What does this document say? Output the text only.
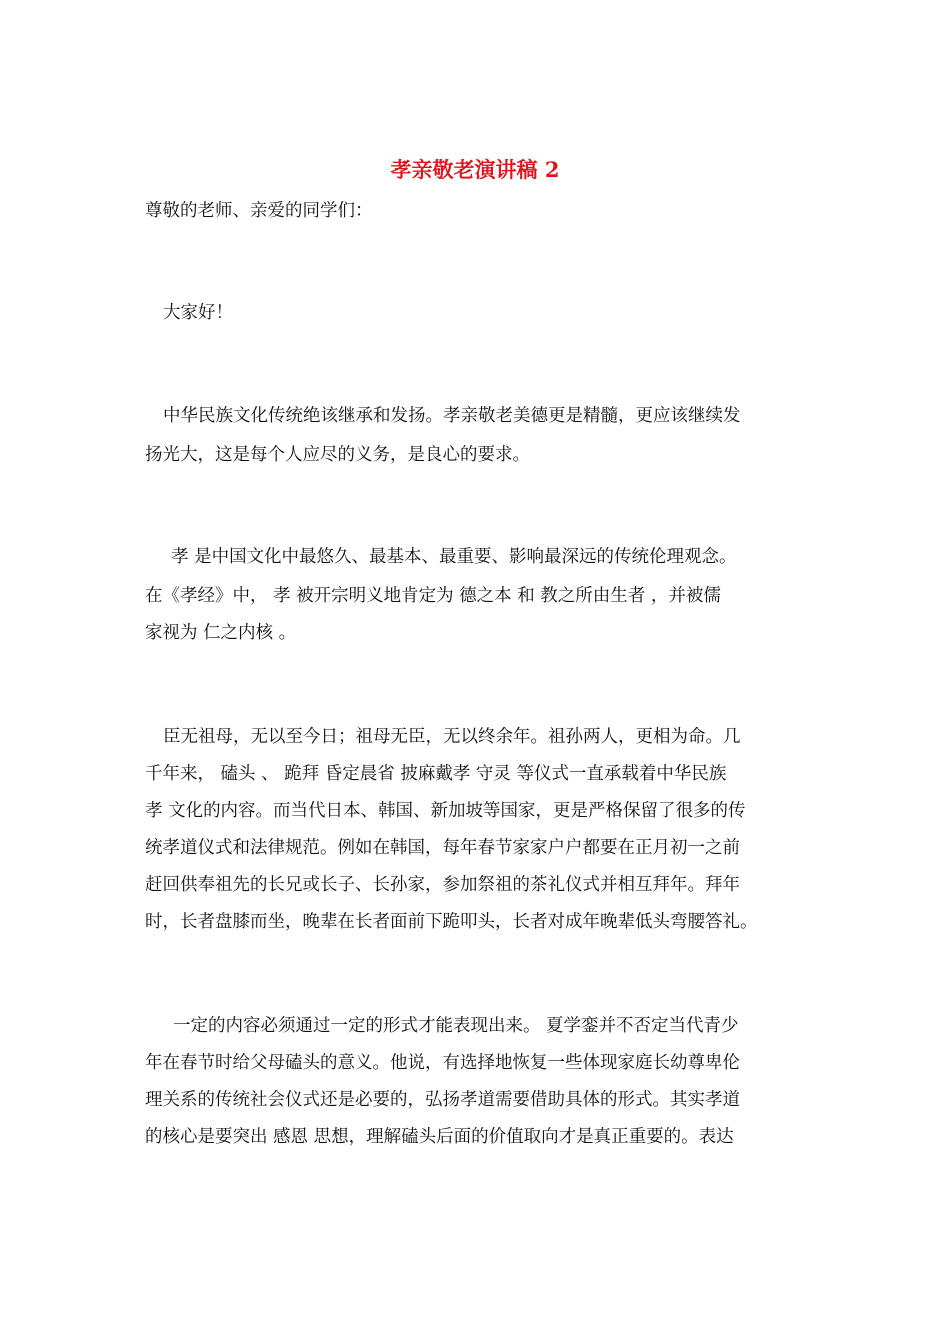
孝亲敬老演讲稿 2

尊敬的老师、亲爱的同学们：

大家好！

中华民族文化传统绝该继承和发扬。孝亲敬老美德更是精髓，更应该继续发

扬光大，这是每个人应尽的义务，是良心的要求。

孝 是中国文化中最悠久、最基本、最重要、影响最深远的传统伦理观念。

在《孝经》中， 孝 被开宗明义地肯定为 德之本 和 教之所由生者 ，并被儒

家视为 仁之内核 。

臣无祖母，无以至今日；祖母无臣，无以终余年。祖孙两人，更相为命。几

千年来， 磕头 、 跪拜 昏定晨省 披麻戴孝 守灵 等仪式一直承载着中华民族

孝 文化的内容。而当代日本、韩国、新加坡等国家，更是严格保留了很多的传

统孝道仪式和法律规范。例如在韩国，每年春节家家户户都要在正月初一之前

赶回供奉祖先的长兄或长子、长孙家，参加祭祖的茶礼仪式并相互拜年。拜年

时，长者盘膝而坐，晚辈在长者面前下跪叩头，长者对成年晚辈低头弯腰答礼。

一定的内容必须通过一定的形式才能表现出来。 夏学銮并不否定当代青少

年在春节时给父母磕头的意义。他说，有选择地恢复一些体现家庭长幼尊卑伦

理关系的传统社会仪式还是必要的，弘扬孝道需要借助具体的形式。其实孝道

的核心是要突出 感恩 思想，理解磕头后面的价值取向才是真正重要的。表达
